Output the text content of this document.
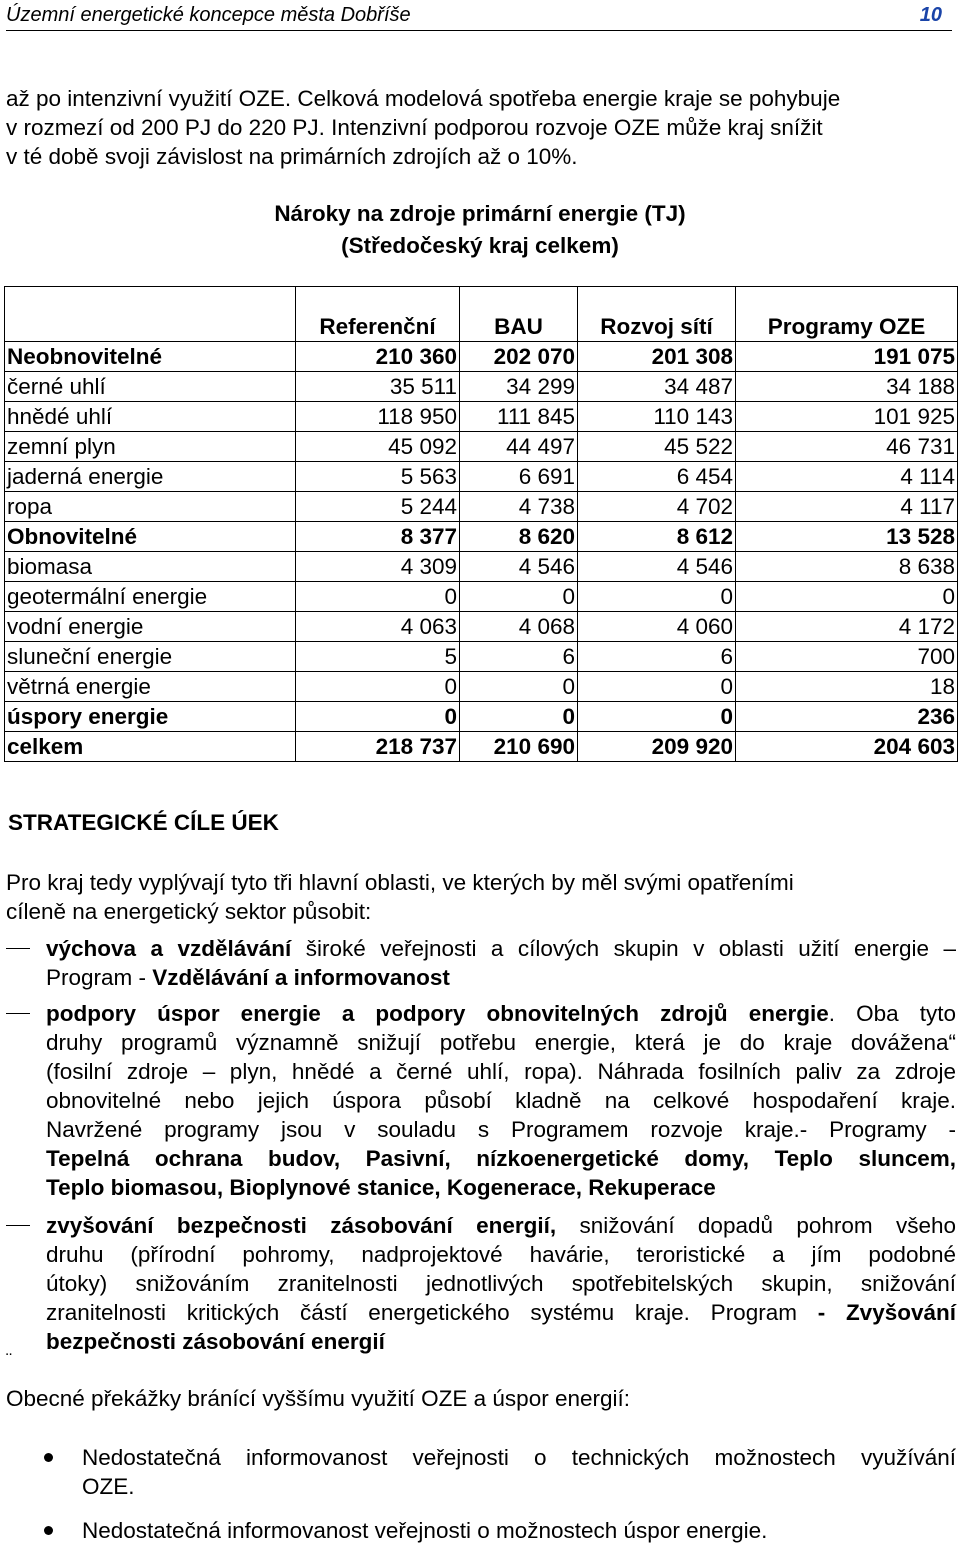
Územní energetické koncepce města Dobříše	10

až po intenzivní využití OZE. Celková modelová spotřeba energie kraje se pohybuje
v rozmezí od 200 PJ do 220 PJ. Intenzivní podporou rozvoje OZE může kraj snížit
v té době svoji závislost na primárních zdrojích až o 10%.

Nároky na zdroje primární energie (TJ)
(Středočeský kraj celkem)
	Referenční	BAU	Rozvoj sítí	Programy OZE
Neobnovitelné	210 360	202 070	201 308	191 075
černé uhlí	35 511	34 299	34 487	34 188
hnědé uhlí	118 950	111 845	110 143	101 925
zemní plyn	45 092	44 497	45 522	46 731
jaderná energie	5 563	6 691	6 454	4 114
ropa	5 244	4 738	4 702	4 117
Obnovitelné	8 377	8 620	8 612	13 528
biomasa	4 309	4 546	4 546	8 638
geotermální energie	0	0	0	0
vodní energie	4 063	4 068	4 060	4 172
sluneční energie	5	6	6	700
větrná energie	0	0	0	18
úspory energie	0	0	0	236
celkem	218 737	210 690	209 920	204 603
STRATEGICKÉ CÍLE ÚEK

Pro kraj tedy vyplývají tyto tři hlavní oblasti, ve kterých by měl svými opatřeními
cíleně na energetický sektor působit:

výchova a vzdělávání široké veřejnosti a cílových skupin v oblasti užití energie –
Program - Vzdělávání a informovanost

podpory úspor energie a podpory obnovitelných zdrojů energie. Oba tyto
druhy programů významně snižují potřebu energie, která je do kraje dovážena“
(fosilní zdroje – plyn, hnědé a černé uhlí, ropa). Náhrada fosilních paliv za zdroje
obnovitelné nebo jejich úspora působí kladně na celkové hospodaření kraje.
Navržené programy jsou v souladu s Programem rozvoje kraje.- Programy -
Tepelná ochrana budov, Pasivní, nízkoenergetické domy, Teplo sluncem,
Teplo biomasou, Bioplynové stanice, Kogenerace, Rekuperace

zvyšování bezpečnosti zásobování energií, snižování dopadů pohrom všeho
druhu (přírodní pohromy, nadprojektové havárie, teroristické a jím podobné
útoky) snižováním zranitelnosti jednotlivých spotřebitelských skupin, snižování
zranitelnosti kritických částí energetického systému kraje. Program - Zvyšování
bezpečnosti zásobování energií

¨

Obecné překážky bránící vyššímu využití OZE a úspor energií:

Nedostatečná informovanost veřejnosti o technických možnostech využívání
OZE.

Nedostatečná informovanost veřejnosti o možnostech úspor energie.
